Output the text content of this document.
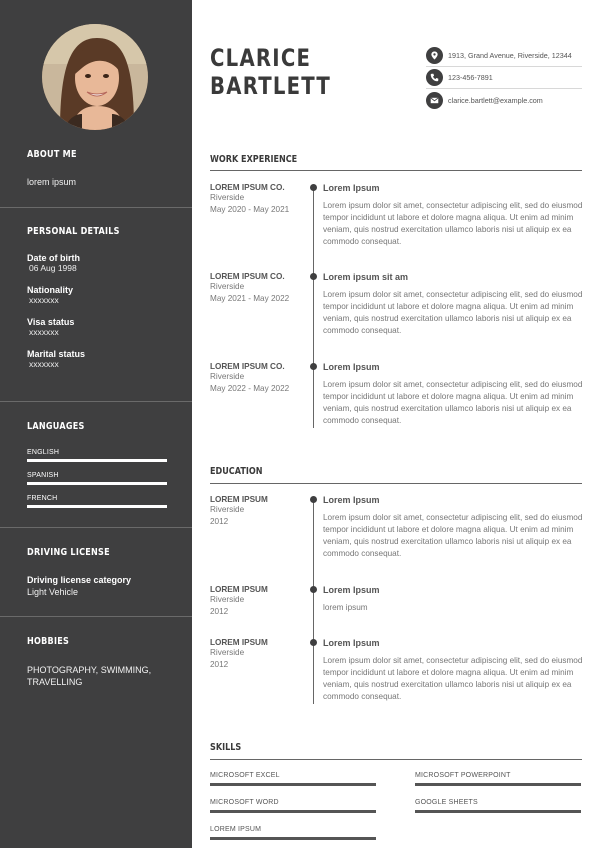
ABOUT ME
lorem ipsum
PERSONAL DETAILS
Date of birth
06 Aug 1998
Nationality
xxxxxxx
Visa status
xxxxxxx
Marital status
xxxxxxx
LANGUAGES
ENGLISH
SPANISH
FRENCH
DRIVING LICENSE
Driving license category
Light Vehicle
HOBBIES
PHOTOGRAPHY, SWIMMING,
TRAVELLING
CLARICE
BARTLETT
1913, Grand Avenue, Riverside, 12344
123-456-7891
clarice.bartlett@example.com
WORK EXPERIENCE
LOREM IPSUM CO.
Riverside
May 2020 - May 2021
Lorem Ipsum
Lorem ipsum dolor sit amet, consectetur adipiscing elit, sed do eiusmod tempor incididunt ut labore et dolore magna aliqua. Ut enim ad minim veniam, quis nostrud exercitation ullamco laboris nisi ut aliquip ex ea commodo consequat.
LOREM IPSUM CO.
Riverside
May 2021 - May 2022
Lorem ipsum sit am
Lorem ipsum dolor sit amet, consectetur adipiscing elit, sed do eiusmod tempor incididunt ut labore et dolore magna aliqua. Ut enim ad minim veniam, quis nostrud exercitation ullamco laboris nisi ut aliquip ex ea commodo consequat.
LOREM IPSUM CO.
Riverside
May 2022 - May 2022
Lorem Ipsum
Lorem ipsum dolor sit amet, consectetur adipiscing elit, sed do eiusmod tempor incididunt ut labore et dolore magna aliqua. Ut enim ad minim veniam, quis nostrud exercitation ullamco laboris nisi ut aliquip ex ea commodo consequat.
EDUCATION
LOREM IPSUM
Riverside
2012
Lorem Ipsum
Lorem ipsum dolor sit amet, consectetur adipiscing elit, sed do eiusmod tempor incididunt ut labore et dolore magna aliqua. Ut enim ad minim veniam, quis nostrud exercitation ullamco laboris nisi ut aliquip ex ea commodo consequat.
LOREM IPSUM
Riverside
2012
Lorem Ipsum
lorem ipsum
LOREM IPSUM
Riverside
2012
Lorem Ipsum
Lorem ipsum dolor sit amet, consectetur adipiscing elit, sed do eiusmod tempor incididunt ut labore et dolore magna aliqua. Ut enim ad minim veniam, quis nostrud exercitation ullamco laboris nisi ut aliquip ex ea commodo consequat.
SKILLS
MICROSOFT EXCEL	MICROSOFT POWERPOINT
MICROSOFT WORD	GOOGLE SHEETS
LOREM IPSUM
